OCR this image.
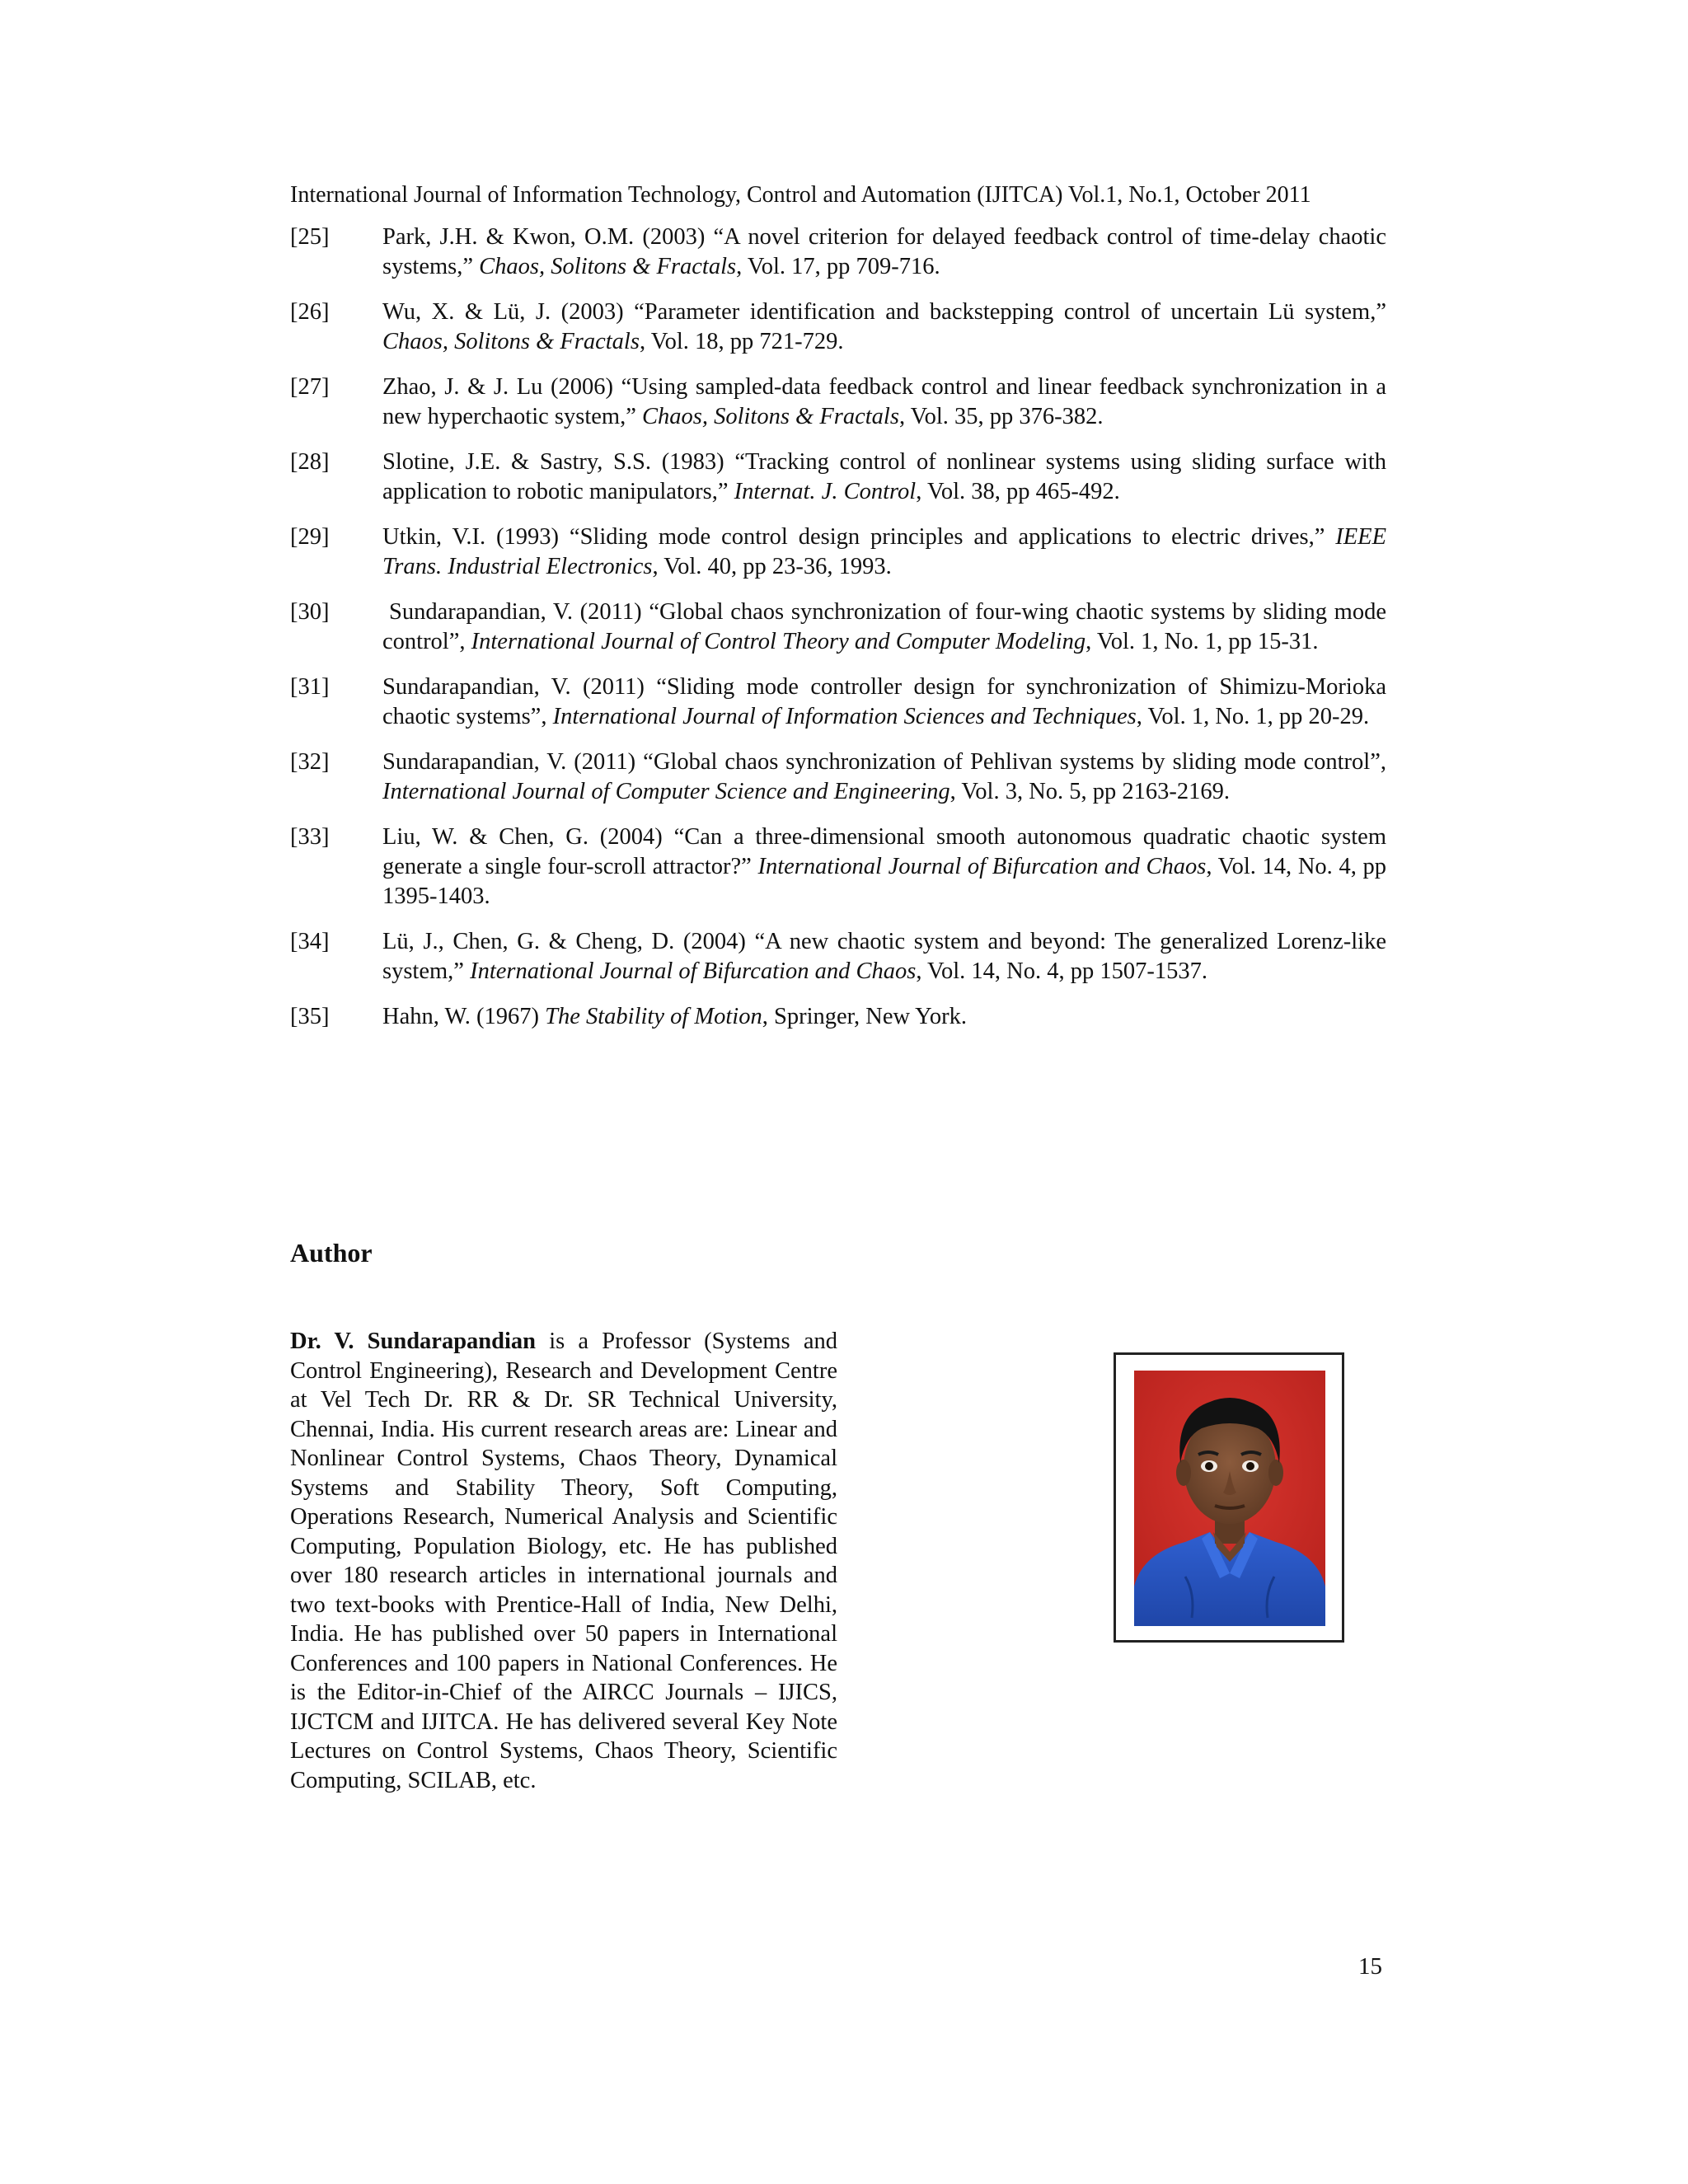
International Journal of Information Technology, Control and Automation (IJITCA) Vol.1, No.1, October 2011
[25]	Park, J.H. & Kwon, O.M. (2003) “A novel criterion for delayed feedback control of time-delay chaotic systems,” Chaos, Solitons & Fractals, Vol. 17, pp 709-716.
[26]	Wu, X. & Lü, J. (2003) “Parameter identification and backstepping control of uncertain Lü system,” Chaos, Solitons & Fractals, Vol. 18, pp 721-729.
[27]	Zhao, J. & J. Lu (2006) “Using sampled-data feedback control and linear feedback synchronization in a new hyperchaotic system,” Chaos, Solitons & Fractals, Vol. 35, pp 376-382.
[28]	Slotine, J.E. & Sastry, S.S. (1983) “Tracking control of nonlinear systems using sliding surface with application to robotic manipulators,” Internat. J. Control, Vol. 38, pp 465-492.
[29]	Utkin, V.I. (1993) “Sliding mode control design principles and applications to electric drives,” IEEE Trans. Industrial Electronics, Vol. 40, pp 23-36, 1993.
[30]	Sundarapandian, V. (2011) “Global chaos synchronization of four-wing chaotic systems by sliding mode control”, International Journal of Control Theory and Computer Modeling, Vol. 1, No. 1, pp 15-31.
[31]	Sundarapandian, V. (2011) “Sliding mode controller design for synchronization of Shimizu-Morioka chaotic systems”, International Journal of Information Sciences and Techniques, Vol. 1, No. 1, pp 20-29.
[32]	Sundarapandian, V. (2011) “Global chaos synchronization of Pehlivan systems by sliding mode control”, International Journal of Computer Science and Engineering, Vol. 3, No. 5, pp 2163-2169.
[33]	Liu, W. & Chen, G. (2004) “Can a three-dimensional smooth autonomous quadratic chaotic system generate a single four-scroll attractor?” International Journal of Bifurcation and Chaos, Vol. 14, No. 4, pp 1395-1403.
[34]	Lü, J., Chen, G. & Cheng, D. (2004) “A new chaotic system and beyond: The generalized Lorenz-like system,” International Journal of Bifurcation and Chaos, Vol. 14, No. 4, pp 1507-1537.
[35]	Hahn, W. (1967) The Stability of Motion, Springer, New York.
Author
Dr. V. Sundarapandian is a Professor (Systems and Control Engineering), Research and Development Centre at Vel Tech Dr. RR & Dr. SR Technical University, Chennai, India. His current research areas are: Linear and Nonlinear Control Systems, Chaos Theory, Dynamical Systems and Stability Theory, Soft Computing, Operations Research, Numerical Analysis and Scientific Computing, Population Biology, etc. He has published over 180 research articles in international journals and two text-books with Prentice-Hall of India, New Delhi, India. He has published over 50 papers in International Conferences and 100 papers in National Conferences. He is the Editor-in-Chief of the AIRCC Journals – IJICS, IJCTCM and IJITCA. He has delivered several Key Note Lectures on Control Systems, Chaos Theory, Scientific Computing, SCILAB, etc.
15
